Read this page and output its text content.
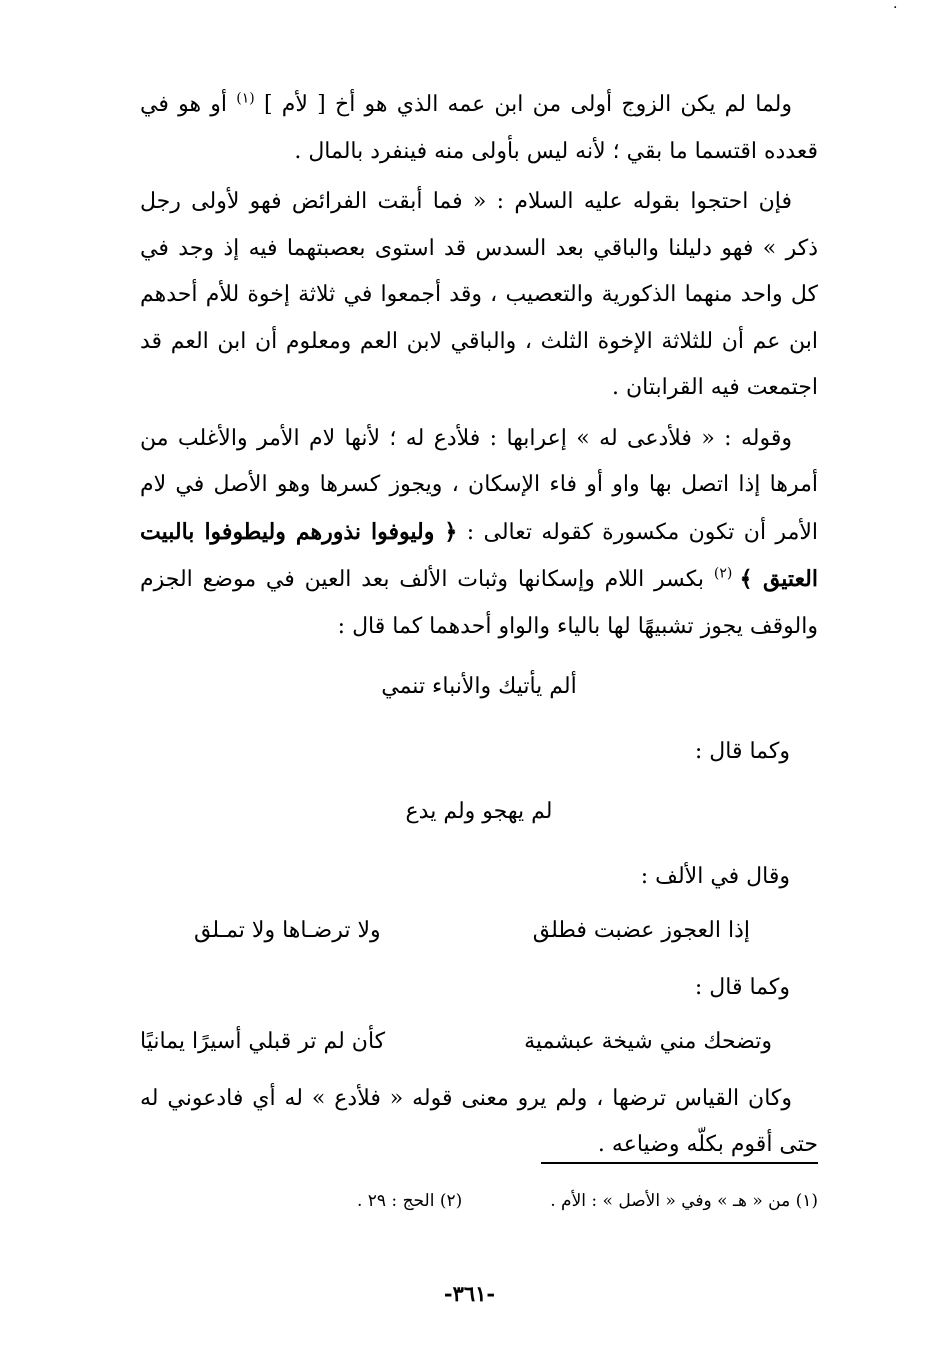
·

ولما لم يكن الزوج أولى من ابن عمه الذي هو أخ [ لأم ] $^{(١)}$ أو هو في قعدده اقتسما ما بقي ؛ لأنه ليس بأولى منه فينفرد بالمال .

فإن احتجوا بقوله عليه السلام : « فما أبقت الفرائض فهو لأولى رجل ذكر » فهو دليلنا والباقي بعد السدس قد استوى بعصبتهما فيه إذ وجد في كل واحد منهما الذكورية والتعصيب ، وقد أجمعوا في ثلاثة إخوة للأم أحدهم ابن عم أن للثلاثة الإخوة الثلث ، والباقي لابن العم ومعلوم أن ابن العم قد اجتمعت فيه القرابتان .

وقوله : « فلأدعى له » إعرابها : فلأدع له ؛ لأنها لام الأمر والأغلب من أمرها إذا اتصل بها واو أو فاء الإسكان ، ويجوز كسرها وهو الأصل في لام الأمر أن تكون مكسورة كقوله تعالى : ﴿ وليوفوا نذورهم وليطوفوا بالبيت العتيق ﴾ $^{(٢)}$ بكسر اللام وإسكانها وثبات الألف بعد العين في موضع الجزم والوقف يجوز تشبيهًا لها بالياء والواو أحدهما كما قال :

ألم يأتيك والأنباء تنمي

وكما قال :

لم يهجو ولم يدع

وقال في الألف :

إذا العجوز عضبت فطلق
ولا ترضـاها ولا تمـلق

وكما قال :

وتضحك مني شيخة عبشمية
كأن لم تر قبلي أسيرًا يمانيًا

وكان القياس ترضها ، ولم يرو معنى قوله « فلأدع » له أي فادعوني له حتى أقوم بكلّه وضياعه .

(١) من « هـ » وفي « الأصل » : الأم .
(٢) الحج : ٢٩ .
-٣٦١-
